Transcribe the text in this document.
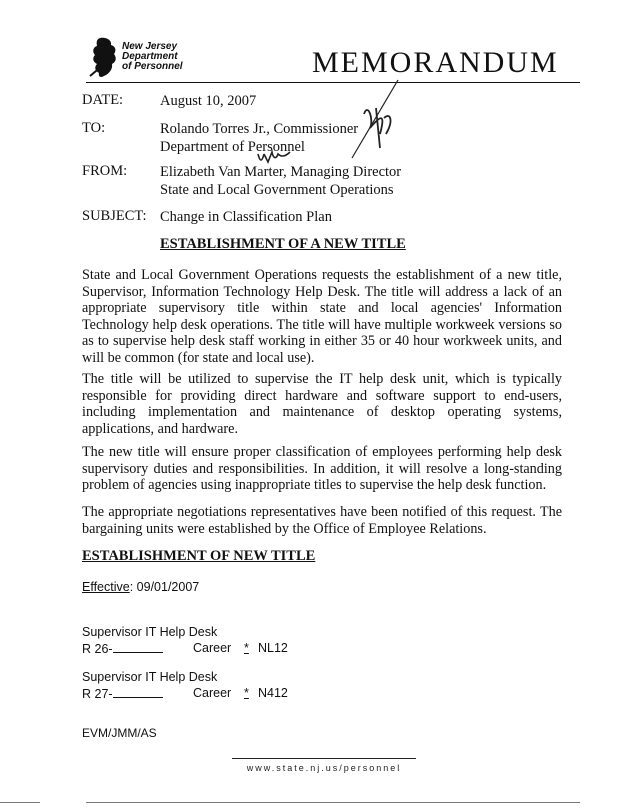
New Jersey
Department
of Personnel	MEMORANDUM
DATE:	August 10, 2007
TO:	Rolando Torres Jr., Commissioner
Department of Personnel
FROM: Elizabeth Van Marter, Managing Director
State and Local Government Operations
SUBJECT: Change in Classification Plan
ESTABLISHMENT OF A NEW TITLE
State and Local Government Operations requests the establishment of a new title, Supervisor, Information Technology Help Desk. The title will address a lack of an appropriate supervisory title within state and local agencies' Information Technology help desk operations. The title will have multiple workweek versions so as to supervise help desk staff working in either 35 or 40 hour workweek units, and will be common (for state and local use).
The title will be utilized to supervise the IT help desk unit, which is typically responsible for providing direct hardware and software support to end-users, including implementation and maintenance of desktop operating systems, applications, and hardware.
The new title will ensure proper classification of employees performing help desk supervisory duties and responsibilities. In addition, it will resolve a long-standing problem of agencies using inappropriate titles to supervise the help desk function.
The appropriate negotiations representatives have been notified of this request. The bargaining units were established by the Office of Employee Relations.
ESTABLISHMENT OF NEW TITLE
Effective: 09/01/2007
Supervisor IT Help Desk
R 26-	Career * NL12
Supervisor IT Help Desk
R 27-	Career * N412
EVM/JMM/AS
www.state.nj.us/personnel
